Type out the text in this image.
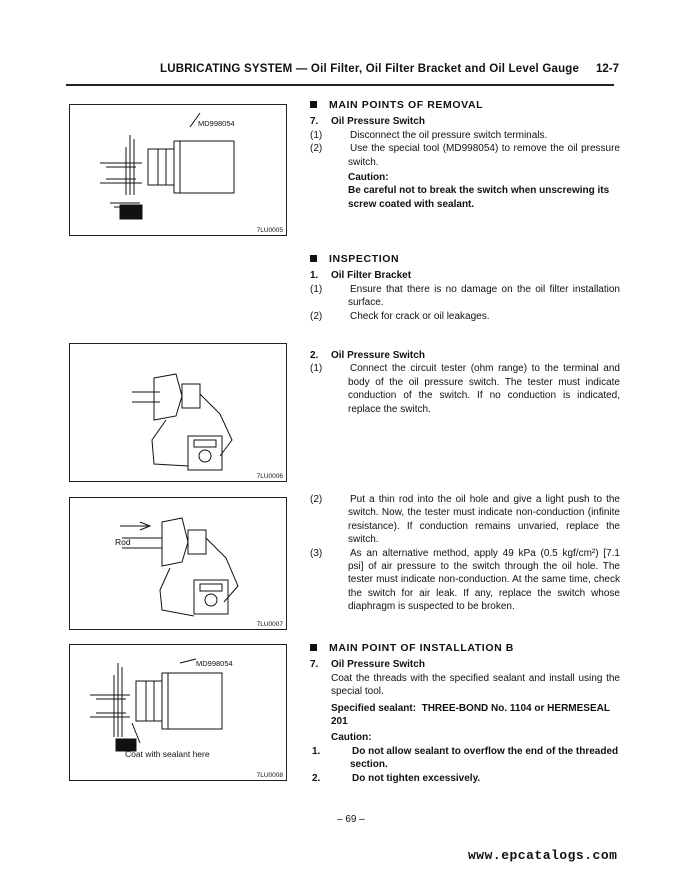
LUBRICATING SYSTEM — Oil Filter, Oil Filter Bracket and Oil Level Gauge 12-7
MD998054
7LU0005
7LU0006
Rod
7LU0007
MD998054
Coat with sealant here
7LU0008

MAIN POINTS OF REMOVAL

7. Oil Pressure Switch

(1)	Disconnect the oil pressure switch terminals.

(2)	Use the special tool (MD998054) to remove the oil pressure switch.

Caution:

Be careful not to break the switch when unscrewing its screw coated with sealant.

INSPECTION

1. Oil Filter Bracket

(1)	Ensure that there is no damage on the oil filter installation surface.

(2)	Check for crack or oil leakages.

2. Oil Pressure Switch

(1)	Connect the circuit tester (ohm range) to the terminal and body of the oil pressure switch. The tester must indicate conduction of the switch. If no conduction is indicated, replace the switch.

(2)	Put a thin rod into the oil hole and give a light push to the switch. Now, the tester must indicate non-conduction (infinite resistance). If conduction remains unvaried, replace the switch.

(3)	As an alternative method, apply 49 kPa (0.5 kgf/cm²) [7.1 psi] of air pressure to the switch through the oil hole. The tester must indicate non-conduction. At the same time, check the switch for air leak. If any, replace the switch whose diaphragm is suspected to be broken.

MAIN POINT OF INSTALLATION B

7. Oil Pressure Switch

Coat the threads with the specified sealant and install using the special tool.

Specified sealant: THREE-BOND No. 1104 or HERMESEAL 201

Caution:

1.	Do not allow sealant to overflow the end of the threaded section.

2.	Do not tighten excessively.

– 69 –
www.epcatalogs.com
